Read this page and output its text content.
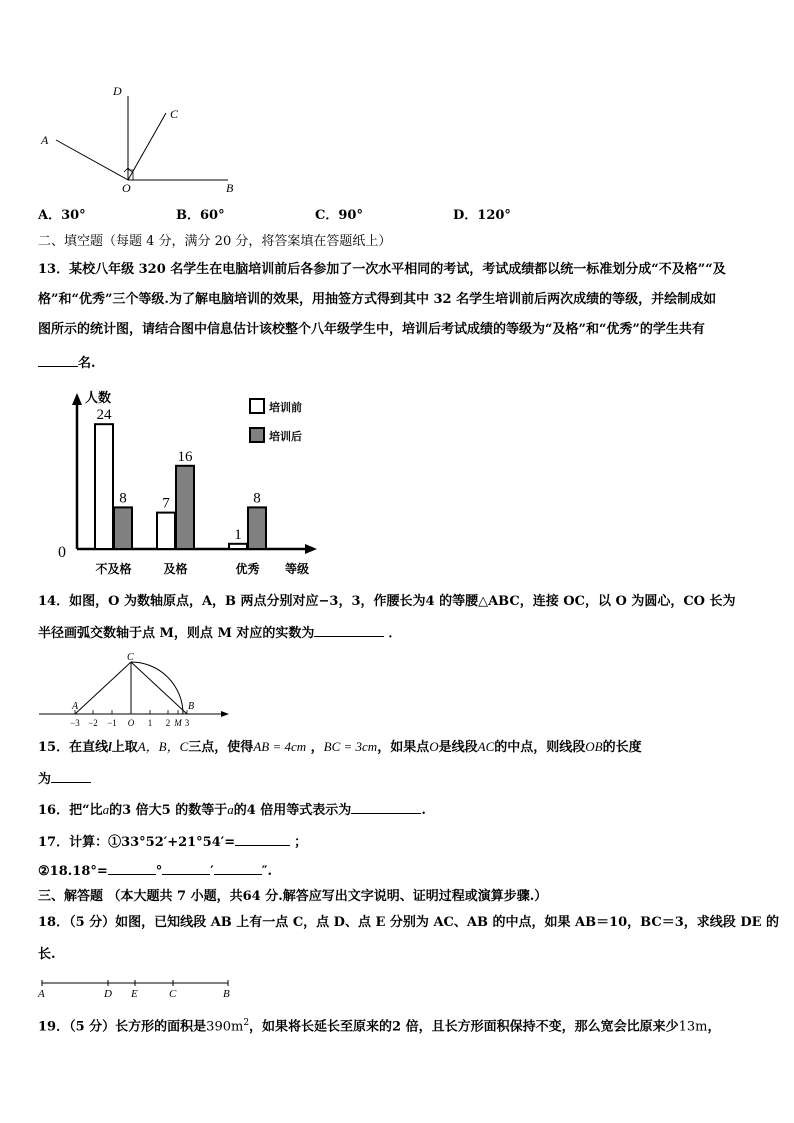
D
C
A
O	B
A．30°	B．60°	C．90°	D．120°
二、填空题（每题 4 分，满分 20 分，将答案填在答题纸上）
13．某校八年级 320 名学生在电脑培训前后各参加了一次水平相同的考试，考试成绩都以统一标准划分成“不及格”“及
格”和“优秀”三个等级.为了解电脑培训的效果，用抽签方式得到其中 32 名学生培训前后两次成绩的等级，并绘制成如
图所示的统计图，请结合图中信息估计该校整个八年级学生中，培训后考试成绩的等级为“及格”和“优秀”的学生共有
名.
人数
等级
0
培训前
培训后
24
8
不及格
7
16
及格
1
8
优秀
14．如图，O 为数轴原点，A，B 两点分别对应−3，3，作腰长为4 的等腰△ABC，连接 OC，以 O 为圆心，CO 长为
半径画弧交数轴于点 M，则点 M 对应的实数为	．
C
A	B
−3 −2 −1 O 1 2 M 3
15．在直线l上取A，B，C三点，使得AB = 4cm ，BC = 3cm，如果点O是线段AC的中点，则线段OB的长度
为
16．把“比a的3 倍大5 的数等于a的4 倍用等式表示为	.
17．计算：①33°52′+21°54′=	；
②18.18°=	°	′	″.
三、解答题 （本大题共 7 小题，共64 分.解答应写出文字说明、证明过程或演算步骤.）
18．（5 分）如图，已知线段 AB 上有一点 C，点 D、点 E 分别为 AC、AB 的中点，如果 AB＝10，BC＝3，求线段 DE 的
长.
A	D E	C	B
19．（5 分）长方形的面积是$390m^2$，如果将长延长至原来的2 倍，且长方形面积保持不变，那么宽会比原来少13m，
